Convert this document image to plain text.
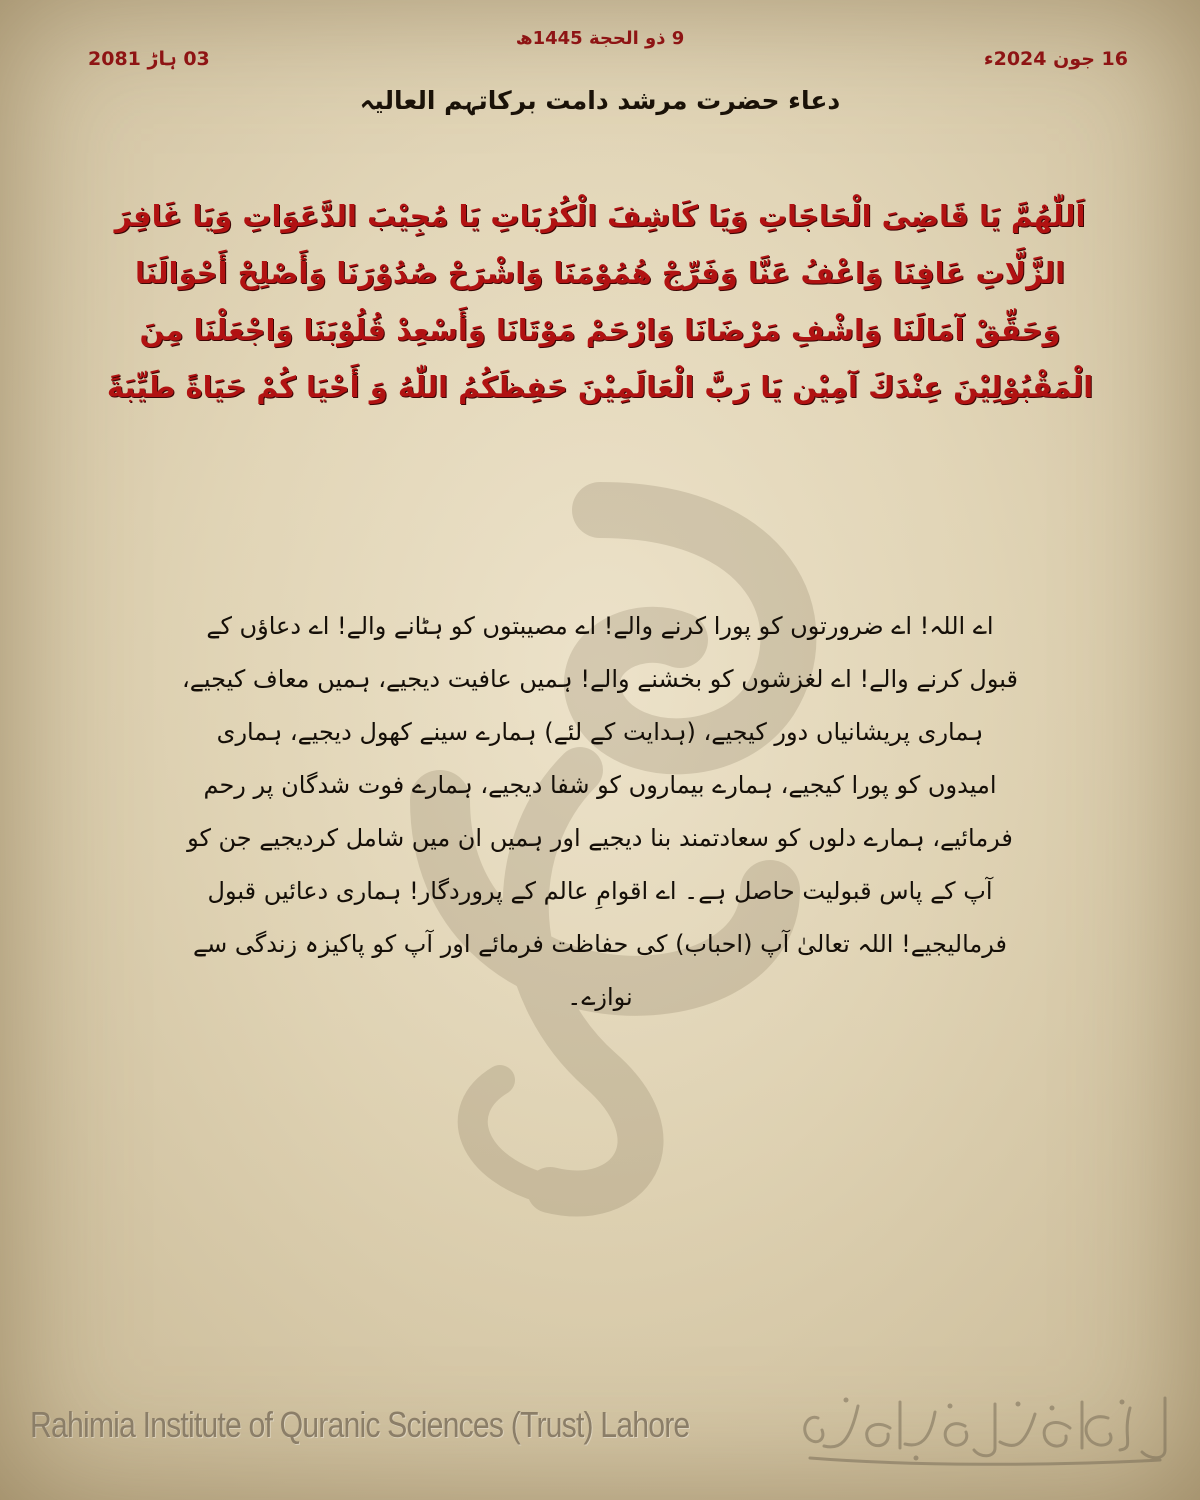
9 ذو الحجة 1445ھ
03 ہاڑ 2081	16 جون 2024ء
دعاء حضرت مرشد دامت برکاتہم العالیہ
اَللّٰھُمَّ يَا قَاضِیَ الْحَاجَاتِ وَیَا کَاشِفَ الْکُرُبَاتِ یَا مُجِیْبَ الدَّعَوَاتِ وَیَا غَافِرَ الزَّلَّاتِ عَافِنَا وَاعْفُ عَنَّا وَفَرِّجْ ھُمُوْمَنَا وَاشْرَحْ صُدُوْرَنَا وَأَصْلِحْ أَحْوَالَنَا وَحَقِّقْ آمَالَنَا وَاشْفِ مَرْضَانَا وَارْحَمْ مَوْتَانَا وَأَسْعِدْ قُلُوْبَنَا وَاجْعَلْنَا مِنَ الْمَقْبُوْلِیْنَ عِنْدَكَ آمِیْن یَا رَبَّ الْعَالَمِیْنَ حَفِظَکُمُ اللّٰهُ وَ أَحْیَا کُمْ حَیَاةً طَیِّبَةً
اے اللہ! اے ضرورتوں کو پورا کرنے والے! اے مصیبتوں کو ہٹانے والے! اے دعاؤں کے قبول کرنے والے! اے لغزشوں کو بخشنے والے! ہمیں عافیت دیجیے، ہمیں معاف کیجیے، ہماری پریشانیاں دور کیجیے، (ہدایت کے لئے) ہمارے سینے کھول دیجیے، ہماری امیدوں کو پورا کیجیے، ہمارے بیماروں کو شفا دیجیے، ہمارے فوت شدگان پر رحم فرمائیے، ہمارے دلوں کو سعادتمند بنا دیجیے اور ہمیں ان میں شامل کردیجیے جن کو آپ کے پاس قبولیت حاصل ہے۔ اے اقوامِ عالم کے پروردگار! ہماری دعائیں قبول فرمالیجیے! اللہ تعالیٰ آپ (احباب) کی حفاظت فرمائے اور آپ کو پاکیزہ زندگی سے نوازے۔
Rahimia Institute of Quranic Sciences (Trust) Lahore
